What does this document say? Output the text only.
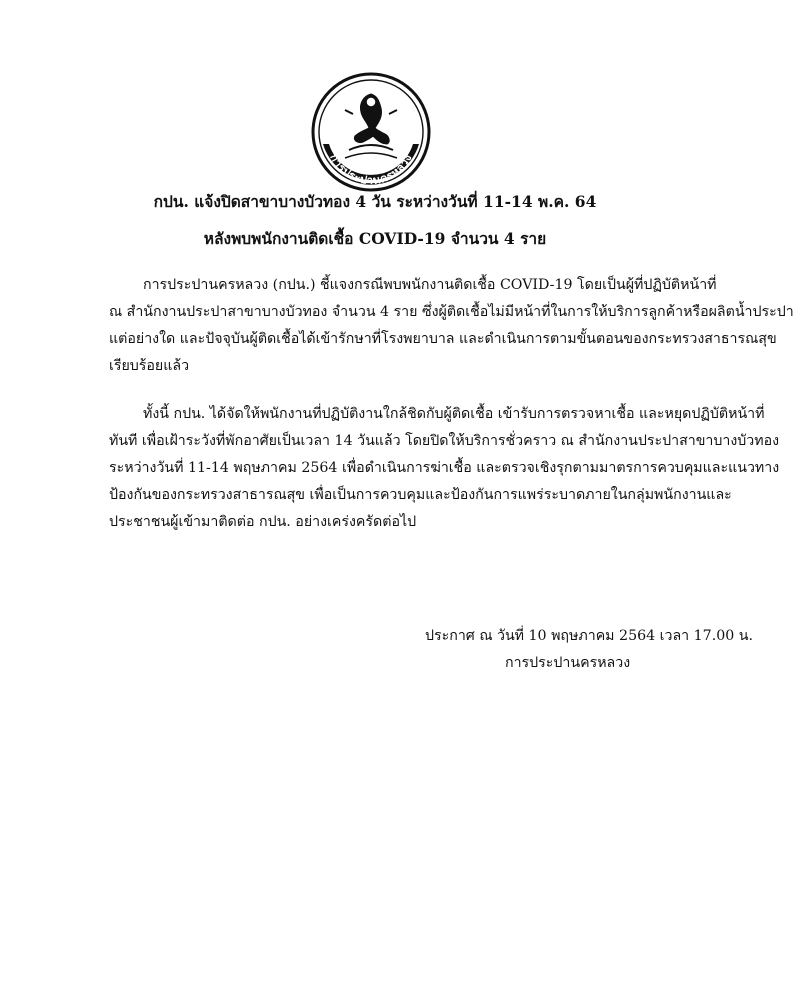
การประปานครหลวง
กปน. แจ้งปิดสาขาบางบัวทอง 4 วัน ระหว่างวันที่ 11-14 พ.ค. 64
หลังพบพนักงานติดเชื้อ COVID-19 จำนวน 4 ราย
การประปานครหลวง (กปน.) ชี้แจงกรณีพบพนักงานติดเชื้อ COVID-19 โดยเป็นผู้ที่ปฏิบัติหน้าที่
ณ สำนักงานประปาสาขาบางบัวทอง จำนวน 4 ราย ซึ่งผู้ติดเชื้อไม่มีหน้าที่ในการให้บริการลูกค้าหรือผลิตน้ำประปา
แต่อย่างใด และปัจจุบันผู้ติดเชื้อได้เข้ารักษาที่โรงพยาบาล และดำเนินการตามขั้นตอนของกระทรวงสาธารณสุข
เรียบร้อยแล้ว
ทั้งนี้ กปน. ได้จัดให้พนักงานที่ปฏิบัติงานใกล้ชิดกับผู้ติดเชื้อ เข้ารับการตรวจหาเชื้อ และหยุดปฏิบัติหน้าที่
ทันที เพื่อเฝ้าระวังที่พักอาศัยเป็นเวลา 14 วันแล้ว โดยปิดให้บริการชั่วคราว ณ สำนักงานประปาสาขาบางบัวทอง
ระหว่างวันที่ 11-14 พฤษภาคม 2564 เพื่อดำเนินการฆ่าเชื้อ และตรวจเชิงรุกตามมาตรการควบคุมและแนวทาง
ป้องกันของกระทรวงสาธารณสุข เพื่อเป็นการควบคุมและป้องกันการแพร่ระบาดภายในกลุ่มพนักงานและ
ประชาชนผู้เข้ามาติดต่อ กปน. อย่างเคร่งครัดต่อไป
ประกาศ ณ วันที่ 10 พฤษภาคม 2564 เวลา 17.00 น.
การประปานครหลวง
